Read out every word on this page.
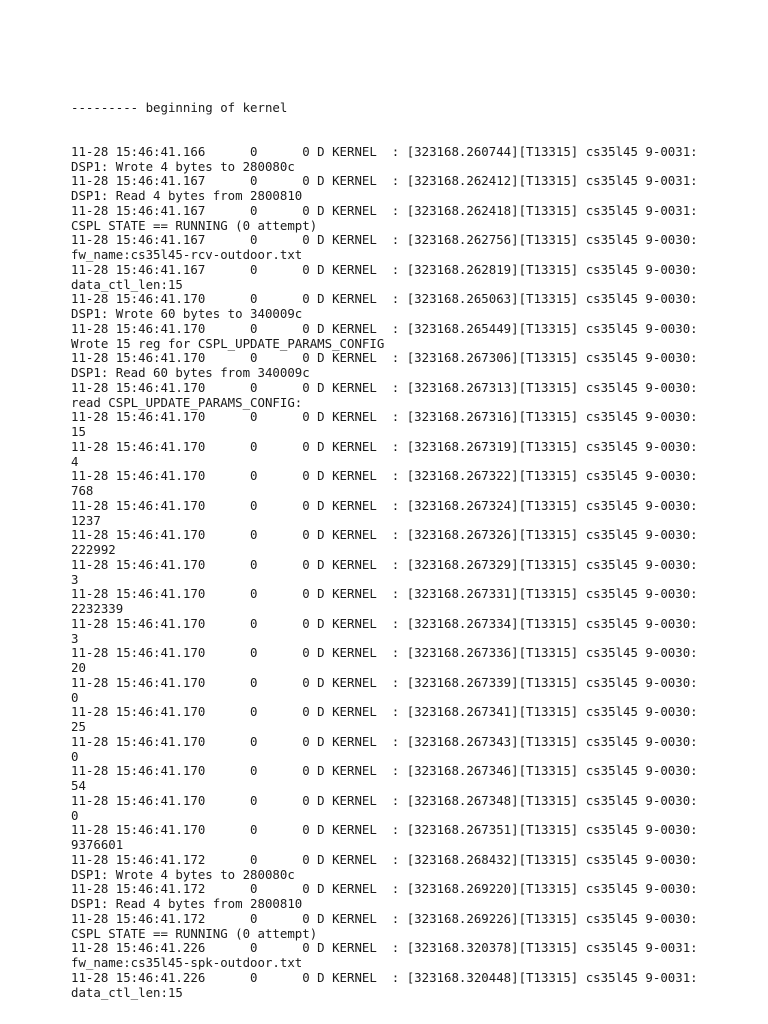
--------- beginning of kernel

11-28 15:46:41.166      0      0 D KERNEL  : [323168.260744][T13315] cs35l45 9-0031:
DSP1: Wrote 4 bytes to 280080c
11-28 15:46:41.167      0      0 D KERNEL  : [323168.262412][T13315] cs35l45 9-0031:
DSP1: Read 4 bytes from 2800810
11-28 15:46:41.167      0      0 D KERNEL  : [323168.262418][T13315] cs35l45 9-0031:
CSPL STATE == RUNNING (0 attempt)
11-28 15:46:41.167      0      0 D KERNEL  : [323168.262756][T13315] cs35l45 9-0030:
fw_name:cs35l45-rcv-outdoor.txt
11-28 15:46:41.167      0      0 D KERNEL  : [323168.262819][T13315] cs35l45 9-0030:
data_ctl_len:15
11-28 15:46:41.170      0      0 D KERNEL  : [323168.265063][T13315] cs35l45 9-0030:
DSP1: Wrote 60 bytes to 340009c
11-28 15:46:41.170      0      0 D KERNEL  : [323168.265449][T13315] cs35l45 9-0030:
Wrote 15 reg for CSPL_UPDATE_PARAMS_CONFIG
11-28 15:46:41.170      0      0 D KERNEL  : [323168.267306][T13315] cs35l45 9-0030:
DSP1: Read 60 bytes from 340009c
11-28 15:46:41.170      0      0 D KERNEL  : [323168.267313][T13315] cs35l45 9-0030:
read CSPL_UPDATE_PARAMS_CONFIG:
11-28 15:46:41.170      0      0 D KERNEL  : [323168.267316][T13315] cs35l45 9-0030:
15
11-28 15:46:41.170      0      0 D KERNEL  : [323168.267319][T13315] cs35l45 9-0030:
4
11-28 15:46:41.170      0      0 D KERNEL  : [323168.267322][T13315] cs35l45 9-0030:
768
11-28 15:46:41.170      0      0 D KERNEL  : [323168.267324][T13315] cs35l45 9-0030:
1237
11-28 15:46:41.170      0      0 D KERNEL  : [323168.267326][T13315] cs35l45 9-0030:
222992
11-28 15:46:41.170      0      0 D KERNEL  : [323168.267329][T13315] cs35l45 9-0030:
3
11-28 15:46:41.170      0      0 D KERNEL  : [323168.267331][T13315] cs35l45 9-0030:
2232339
11-28 15:46:41.170      0      0 D KERNEL  : [323168.267334][T13315] cs35l45 9-0030:
3
11-28 15:46:41.170      0      0 D KERNEL  : [323168.267336][T13315] cs35l45 9-0030:
20
11-28 15:46:41.170      0      0 D KERNEL  : [323168.267339][T13315] cs35l45 9-0030:
0
11-28 15:46:41.170      0      0 D KERNEL  : [323168.267341][T13315] cs35l45 9-0030:
25
11-28 15:46:41.170      0      0 D KERNEL  : [323168.267343][T13315] cs35l45 9-0030:
0
11-28 15:46:41.170      0      0 D KERNEL  : [323168.267346][T13315] cs35l45 9-0030:
54
11-28 15:46:41.170      0      0 D KERNEL  : [323168.267348][T13315] cs35l45 9-0030:
0
11-28 15:46:41.170      0      0 D KERNEL  : [323168.267351][T13315] cs35l45 9-0030:
9376601
11-28 15:46:41.172      0      0 D KERNEL  : [323168.268432][T13315] cs35l45 9-0030:
DSP1: Wrote 4 bytes to 280080c
11-28 15:46:41.172      0      0 D KERNEL  : [323168.269220][T13315] cs35l45 9-0030:
DSP1: Read 4 bytes from 2800810
11-28 15:46:41.172      0      0 D KERNEL  : [323168.269226][T13315] cs35l45 9-0030:
CSPL STATE == RUNNING (0 attempt)
11-28 15:46:41.226      0      0 D KERNEL  : [323168.320378][T13315] cs35l45 9-0031:
fw_name:cs35l45-spk-outdoor.txt
11-28 15:46:41.226      0      0 D KERNEL  : [323168.320448][T13315] cs35l45 9-0031:
data_ctl_len:15
